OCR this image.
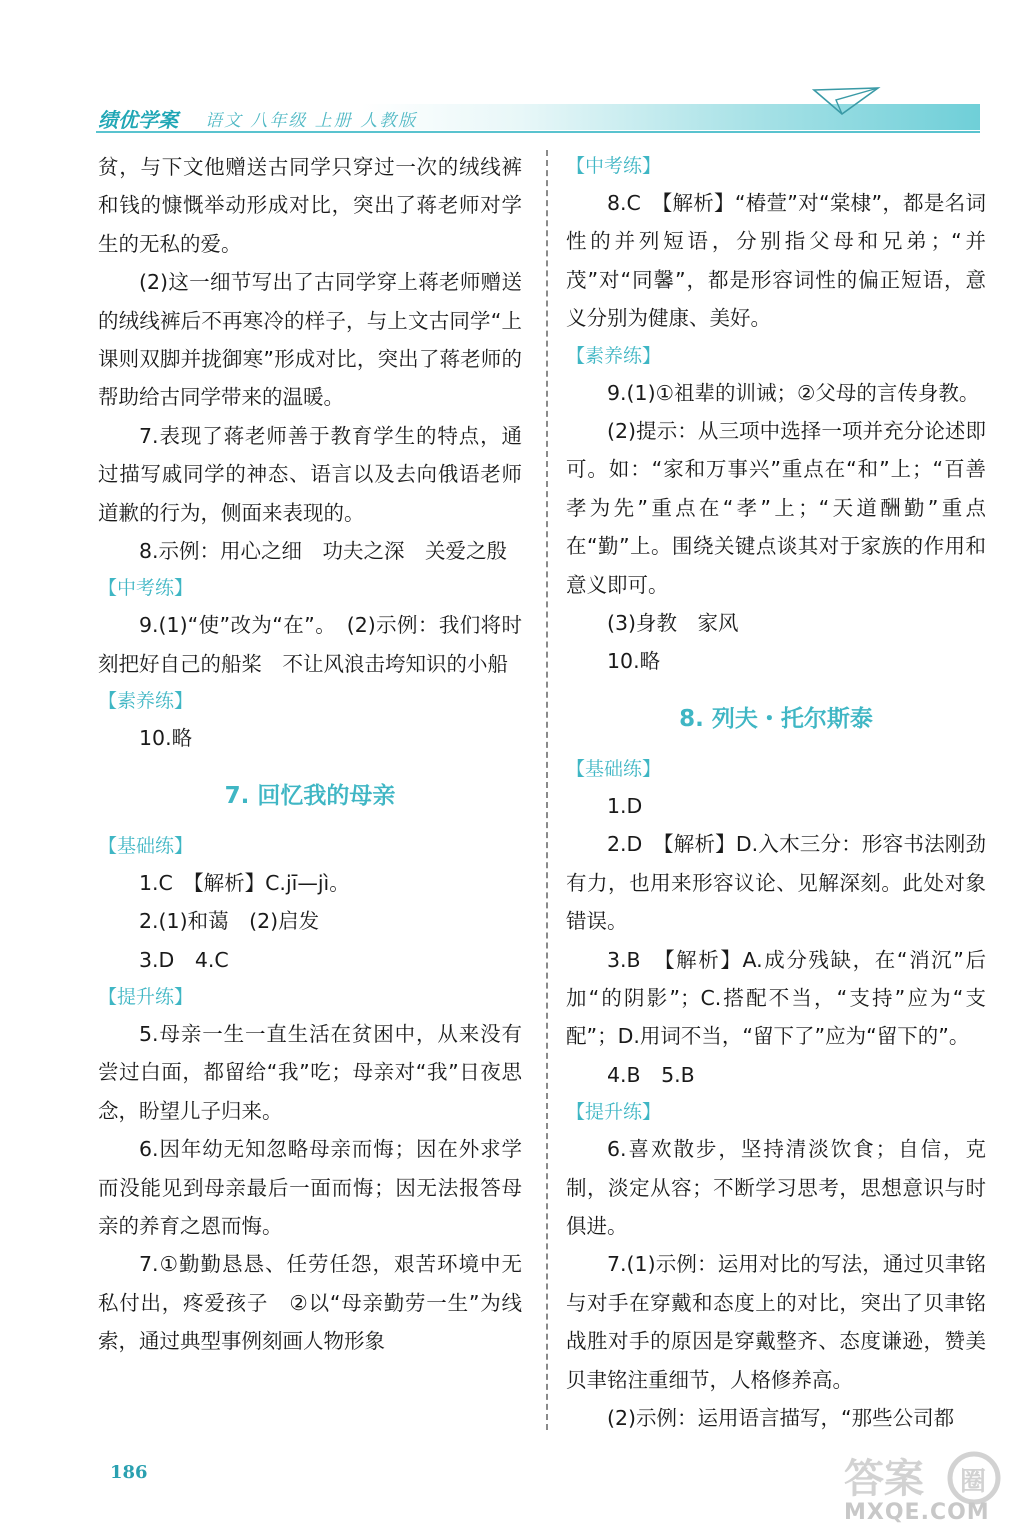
绩优学案 语文 八年级 上册 人教版

贫，与下文他赠送古同学只穿过一次的绒线裤和钱的慷慨举动形成对比，突出了蒋老师对学生的无私的爱。

(2)这一细节写出了古同学穿上蒋老师赠送的绒线裤后不再寒冷的样子，与上文古同学“上课则双脚并拢御寒”形成对比，突出了蒋老师的帮助给古同学带来的温暖。

7.表现了蒋老师善于教育学生的特点，通过描写戚同学的神态、语言以及去向俄语老师道歉的行为，侧面来表现的。

8.示例：用心之细　功夫之深　关爱之殷

【中考练】

9.(1)“使”改为“在”。　(2)示例：我们将时刻把好自己的船桨　不让风浪击垮知识的小船

【素养练】

10.略

7. 回忆我的母亲

【基础练】

1.C　【解析】C.jī—jì。

2.(1)和蔼　(2)启发

3.D　4.C

【提升练】

5.母亲一生一直生活在贫困中，从来没有尝过白面，都留给“我”吃；母亲对“我”日夜思念，盼望儿子归来。

6.因年幼无知忽略母亲而悔；因在外求学而没能见到母亲最后一面而悔；因无法报答母亲的养育之恩而悔。

7.①勤勤恳恳、任劳任怨，艰苦环境中无私付出，疼爱孩子　②以“母亲勤劳一生”为线索，通过典型事例刻画人物形象

【中考练】

8.C　【解析】“椿萱”对“棠棣”，都是名词性的并列短语，分别指父母和兄弟；“并茂”对“同馨”，都是形容词性的偏正短语，意义分别为健康、美好。

【素养练】

9.(1)①祖辈的训诫；②父母的言传身教。

(2)提示：从三项中选择一项并充分论述即可。如：“家和万事兴”重点在“和”上；“百善孝为先”重点在“孝”上；“天道酬勤”重点在“勤”上。围绕关键点谈其对于家族的作用和意义即可。

(3)身教　家风

10.略

8. 列夫・托尔斯泰

【基础练】

1.D

2.D　【解析】D.入木三分：形容书法刚劲有力，也用来形容议论、见解深刻。此处对象错误。

3.B　【解析】A.成分残缺，在“消沉”后加“的阴影”；C.搭配不当，“支持”应为“支配”；D.用词不当，“留下了”应为“留下的”。

4.B　5.B

【提升练】

6.喜欢散步，坚持清淡饮食；自信，克制，淡定从容；不断学习思考，思想意识与时俱进。

7.(1)示例：运用对比的写法，通过贝聿铭与对手在穿戴和态度上的对比，突出了贝聿铭战胜对手的原因是穿戴整齐、态度谦逊，赞美贝聿铭注重细节，人格修养高。

(2)示例：运用语言描写，“那些公司都

186	答案 圈
MXQE.COM
